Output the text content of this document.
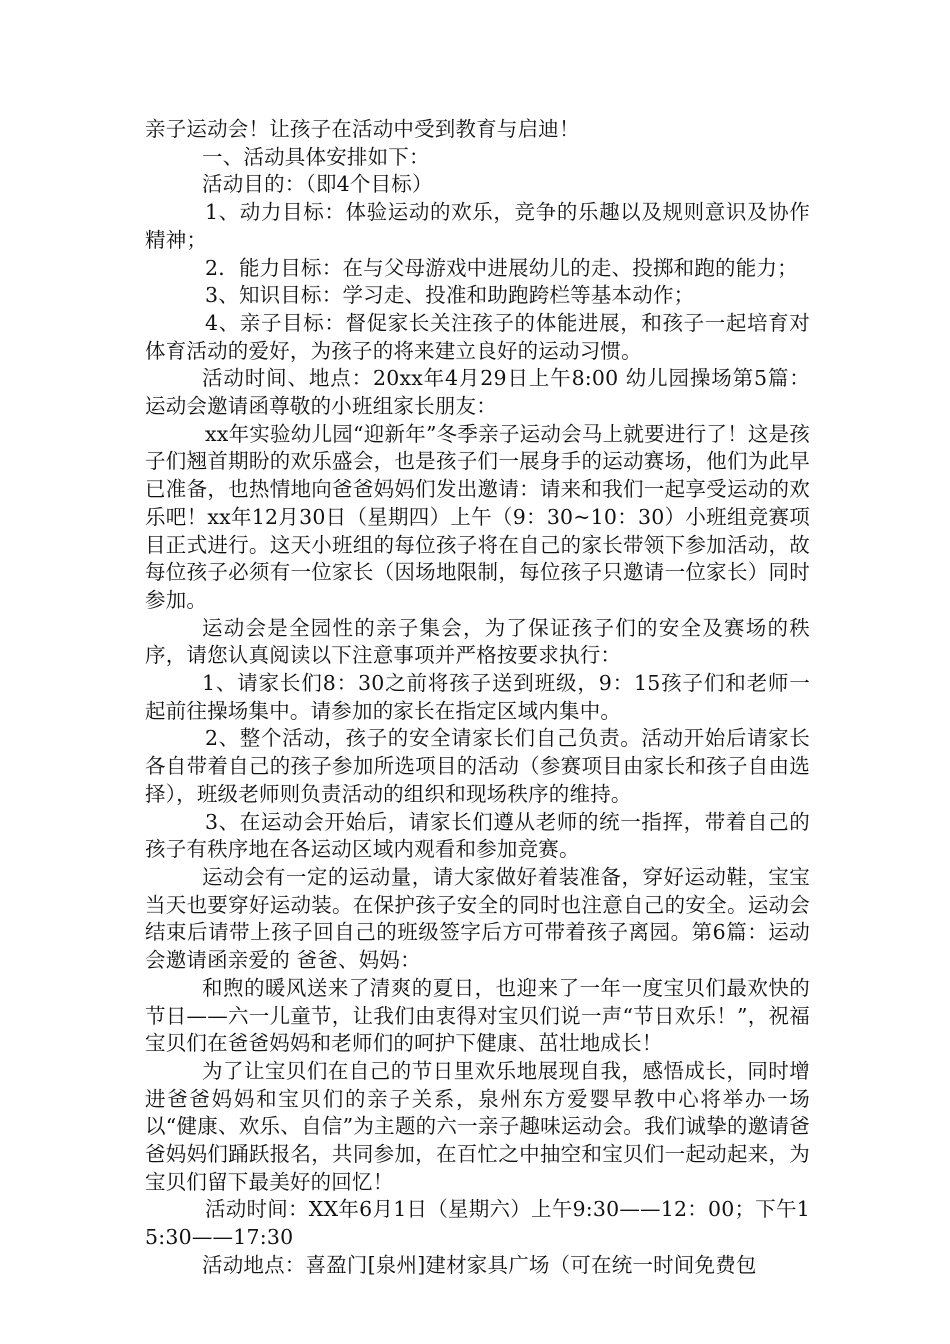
亲子运动会！让孩子在活动中受到教育与启迪！

一、活动具体安排如下：

活动目的：（即4个目标）

1、动力目标：体验运动的欢乐，竞争的乐趣以及规则意识及协作精神；

2．能力目标：在与父母游戏中进展幼儿的走、投掷和跑的能力；

3、知识目标：学习走、投准和助跑跨栏等基本动作；

4、亲子目标：督促家长关注孩子的体能进展，和孩子一起培育对体育活动的爱好，为孩子的将来建立良好的运动习惯。

活动时间、地点：20xx年4月29日上午8:00 幼儿园操场第5篇：运动会邀请函尊敬的小班组家长朋友：

xx年实验幼儿园“迎新年”冬季亲子运动会马上就要进行了！这是孩子们翘首期盼的欢乐盛会，也是孩子们一展身手的运动赛场，他们为此早已准备，也热情地向爸爸妈妈们发出邀请：请来和我们一起享受运动的欢乐吧！xx年12月30日（星期四）上午（9：30~10：30）小班组竞赛项目正式进行。这天小班组的每位孩子将在自己的家长带领下参加活动，故每位孩子必须有一位家长（因场地限制，每位孩子只邀请一位家长）同时参加。

运动会是全园性的亲子集会，为了保证孩子们的安全及赛场的秩序，请您认真阅读以下注意事项并严格按要求执行：

1、请家长们8：30之前将孩子送到班级，9：15孩子们和老师一起前往操场集中。请参加的家长在指定区域内集中。

2、整个活动，孩子的安全请家长们自己负责。活动开始后请家长各自带着自己的孩子参加所选项目的活动（参赛项目由家长和孩子自由选择），班级老师则负责活动的组织和现场秩序的维持。

3、在运动会开始后，请家长们遵从老师的统一指挥，带着自己的孩子有秩序地在各运动区域内观看和参加竞赛。

运动会有一定的运动量，请大家做好着装准备，穿好运动鞋，宝宝当天也要穿好运动装。在保护孩子安全的同时也注意自己的安全。运动会结束后请带上孩子回自己的班级签字后方可带着孩子离园。第6篇：运动会邀请函亲爱的 爸爸、妈妈：

和煦的暖风送来了清爽的夏日，也迎来了一年一度宝贝们最欢快的节日——六一儿童节，让我们由衷得对宝贝们说一声“节日欢乐！”，祝福宝贝们在爸爸妈妈和老师们的呵护下健康、茁壮地成长！

为了让宝贝们在自己的节日里欢乐地展现自我，感悟成长，同时增进爸爸妈妈和宝贝们的亲子关系，泉州东方爱婴早教中心将举办一场以“健康、欢乐、自信”为主题的六一亲子趣味运动会。我们诚挚的邀请爸爸妈妈们踊跃报名，共同参加，在百忙之中抽空和宝贝们一起动起来，为宝贝们留下最美好的回忆！

活动时间：XX年6月1日（星期六）上午9:30——12：00；下午15:30——17:30

活动地点：喜盈门[泉州]建材家具广场（可在统一时间免费包
